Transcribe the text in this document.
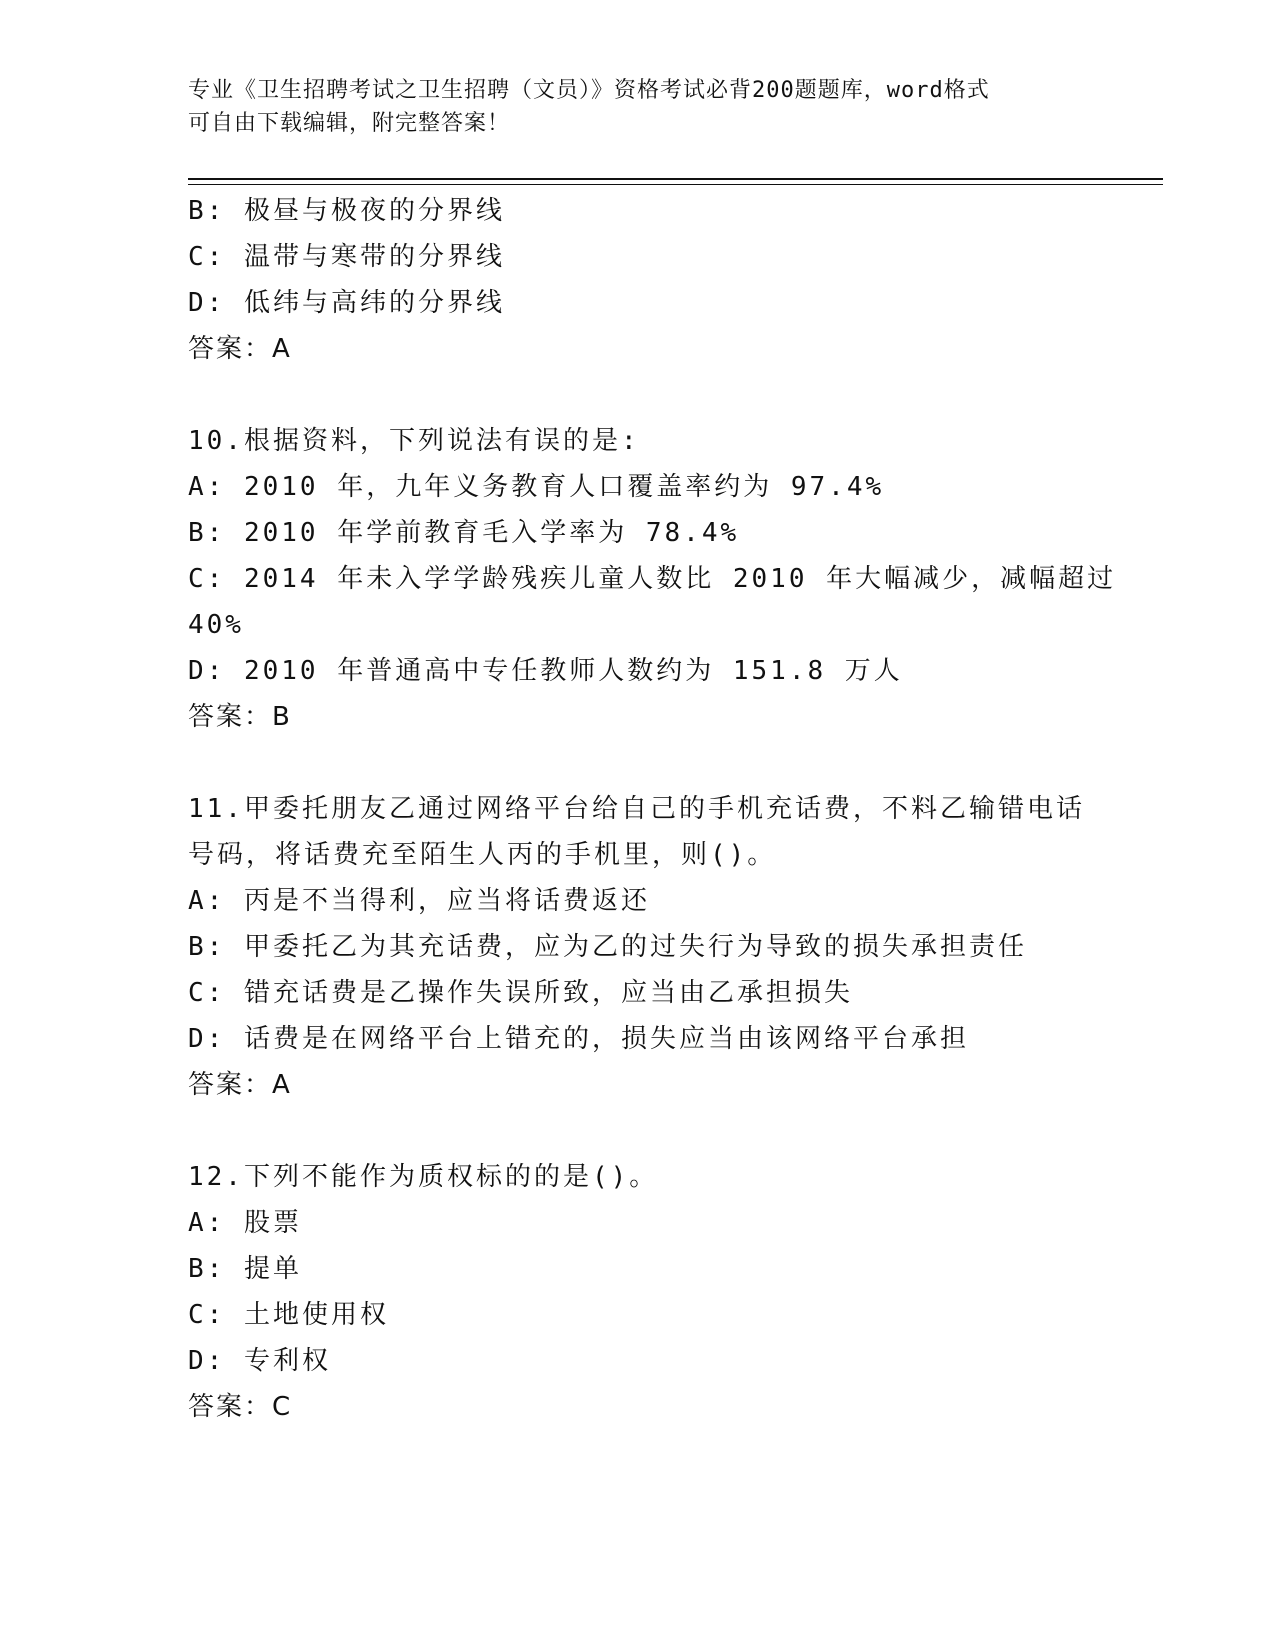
专业《卫生招聘考试之卫生招聘（文员）》资格考试必背200题题库，word格式
可自由下载编辑，附完整答案！
B: 极昼与极夜的分界线
C: 温带与寒带的分界线
D: 低纬与高纬的分界线
答案：A
10.根据资料，下列说法有误的是:
A: 2010 年，九年义务教育人口覆盖率约为 97.4%
B: 2010 年学前教育毛入学率为 78.4%
C: 2014 年未入学学龄残疾儿童人数比 2010 年大幅减少，减幅超过
40%
D: 2010 年普通高中专任教师人数约为 151.8 万人
答案：B
11.甲委托朋友乙通过网络平台给自己的手机充话费，不料乙输错电话
号码，将话费充至陌生人丙的手机里，则()。
A: 丙是不当得利，应当将话费返还
B: 甲委托乙为其充话费，应为乙的过失行为导致的损失承担责任
C: 错充话费是乙操作失误所致，应当由乙承担损失
D: 话费是在网络平台上错充的，损失应当由该网络平台承担
答案：A
12.下列不能作为质权标的的是()。
A: 股票
B: 提单
C: 土地使用权
D: 专利权
答案：C
